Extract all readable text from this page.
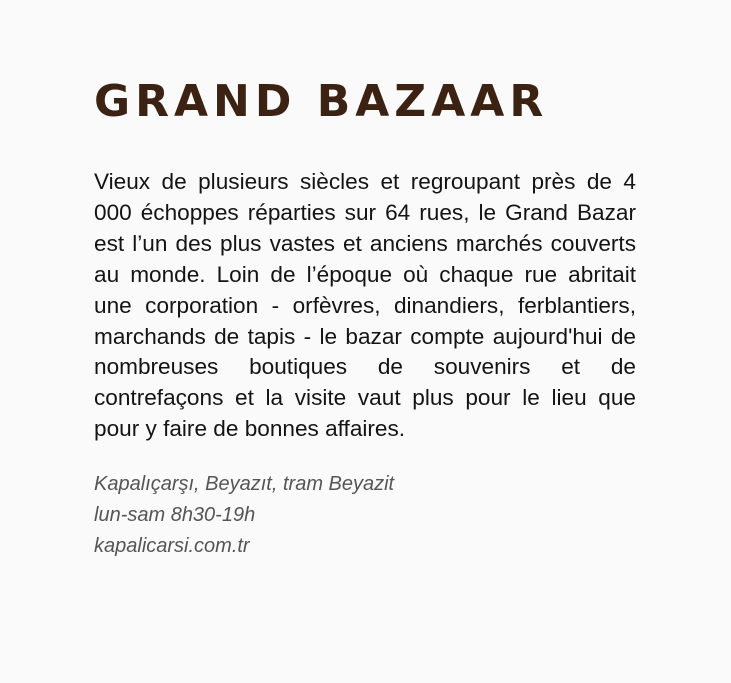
GRAND BAZAAR

Vieux de plusieurs siècles et regroupant près de 4 000 échoppes réparties sur 64 rues, le Grand Bazar est l’un des plus vastes et anciens marchés couverts au monde. Loin de l’époque où chaque rue abritait une corporation - orfèvres, dinandiers, ferblantiers, marchands de tapis - le bazar compte aujourd'hui de nombreuses boutiques de souvenirs et de contrefaçons et la visite vaut plus pour le lieu que pour y faire de bonnes affaires.

Kapalıçarşı, Beyazıt, tram Beyazit
lun-sam 8h30-19h
kapalicarsi.com.tr
